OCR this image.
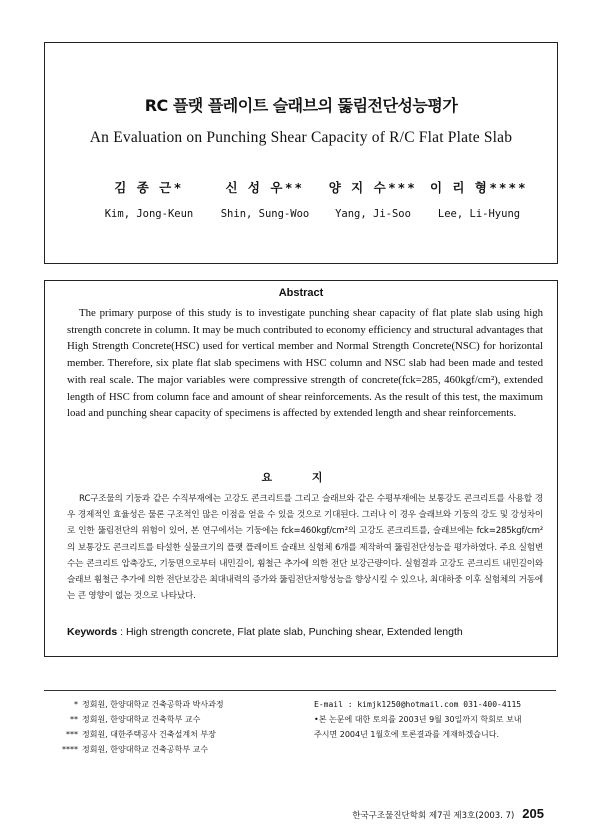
RC 플랫 플레이트 슬래브의 뚫림전단성능평가
An Evaluation on Punching Shear Capacity of R/C Flat Plate Slab
김 종 근*
Kim, Jong-Keun
신 성 우**
Shin, Sung-Woo
양 지 수***
Yang, Ji-Soo
이 리 형****
Lee, Li-Hyung
Abstract
The primary purpose of this study is to investigate punching shear capacity of flat plate slab using high strength concrete in column. It may be much contributed to economy efficiency and structural advantages that High Strength Concrete(HSC) used for vertical member and Normal Strength Concrete(NSC) for horizontal member. Therefore, six plate flat slab specimens with HSC column and NSC slab had been made and tested with real scale. The major variables were compressive strength of concrete(fck=285, 460kgf/cm²), extended length of HSC from column face and amount of shear reinforcements. As the result of this test, the maximum load and punching shear capacity of specimens is affected by extended length and shear reinforcements.
요 지
RC구조물의 기둥과 같은 수직부재에는 고강도 콘크리트를 그리고 슬래브와 같은 수평부재에는 보통강도 콘크리트를 사용할 경우 경제적인 효율성은 물론 구조적인 많은 이점을 얻을 수 있을 것으로 기대된다. 그러나 이 경우 슬래브와 기둥의 강도 및 강성차이로 인한 뚫림전단의 위험이 있어, 본 연구에서는 기둥에는 fck=460kgf/cm²의 고강도 콘크리트를, 슬래브에는 fck=285kgf/cm²의 보통강도 콘크리트를 타설한 실물크기의 플랫 플레이트 슬래브 실험체 6개를 제작하여 뚫림전단성능을 평가하였다. 주요 실험변수는 콘크리트 압축강도, 기둥면으로부터 내민길이, 휨철근 추가에 의한 전단 보강근량이다. 실험결과 고강도 콘크리트 내민길이와 슬래브 휨철근 추가에 의한 전단보강은 최대내력의 증가와 뚫림전단저항성능을 향상시킬 수 있으나, 최대하중 이후 실험체의 거동에는 큰 영향이 없는 것으로 나타났다.
Keywords : High strength concrete, Flat plate slab, Punching shear, Extended length
* 정회원, 한양대학교 건축공학과 박사과정
** 정회원, 한양대학교 건축학부 교수
*** 정회원, 대한주택공사 건축설계처 부장
**** 정회원, 한양대학교 건축공학부 교수
E-mail : kimjk1250@hotmail.com 031-400-4115
•본 논문에 대한 토의를 2003년 9월 30일까지 학회로 보내
주시면 2004년 1월호에 토론결과를 게재하겠습니다.
한국구조물진단학회 제7권 제3호(2003. 7) 205
